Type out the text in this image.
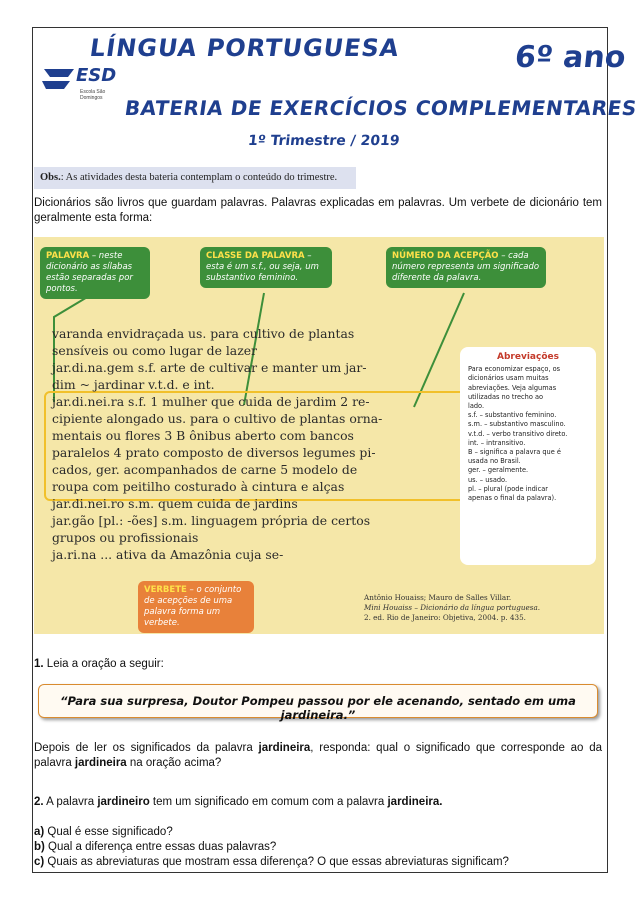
LÍNGUA PORTUGUESA	6º ano
ESD
Escola São Domingos BATERIA DE EXERCÍCIOS COMPLEMENTARES
1º Trimestre / 2019
Obs.: As atividades desta bateria contemplam o conteúdo do trimestre.
Dicionários são livros que guardam palavras. Palavras explicadas em palavras. Um verbete de dicionário tem geralmente esta forma:
PALAVRA – neste dicionário as sílabas estão separadas por pontos.
CLASSE DA PALAVRA – esta é um s.f., ou seja, um substantivo feminino.
NÚMERO DA ACEPÇÃO – cada número representa um significado diferente da palavra.
varanda envidraçada us. para cultivo de plantas
sensíveis ou como lugar de lazer
jar.di.na.gem s.f. arte de cultivar e manter um jar-
dim ~ jardinar v.t.d. e int.
jar.di.nei.ra s.f. 1 mulher que cuida de jardim 2 re-
cipiente alongado us. para o cultivo de plantas orna-
mentais ou flores 3 B ônibus aberto com bancos
paralelos 4 prato composto de diversos legumes pi-
cados, ger. acompanhados de carne 5 modelo de
roupa com peitilho costurado à cintura e alças
jar.di.nei.ro s.m. quem cuida de jardins
jar.gão [pl.: -ões] s.m. linguagem própria de certos
grupos ou profissionais
ja.ri.na ... ativa da Amazônia cuja se-
Abreviações
Para economizar espaço, os
dicionários usam muitas
abreviações. Veja algumas
utilizadas no trecho ao
lado.
s.f. – substantivo feminino.
s.m. – substantivo masculino.
v.t.d. – verbo transitivo direto.
int. – intransitivo.
B – significa a palavra que é
usada no Brasil.
ger. – geralmente.
us. – usado.
pl. – plural (pode indicar
apenas o final da palavra).
VERBETE – o conjunto de acepções de uma palavra forma um verbete.
Antônio Houaiss; Mauro de Salles Villar.
Mini Houaiss – Dicionário da língua portuguesa.
2. ed. Rio de Janeiro: Objetiva, 2004. p. 435.
1. Leia a oração a seguir:
“Para sua surpresa, Doutor Pompeu passou por ele acenando, sentado em uma jardineira.”
Depois de ler os significados da palavra jardineira, responda: qual o significado que corresponde ao da palavra jardineira na oração acima?
2. A palavra jardineiro tem um significado em comum com a palavra jardineira.
a) Qual é esse significado?
b) Qual a diferença entre essas duas palavras?
c) Quais as abreviaturas que mostram essa diferença? O que essas abreviaturas significam?
